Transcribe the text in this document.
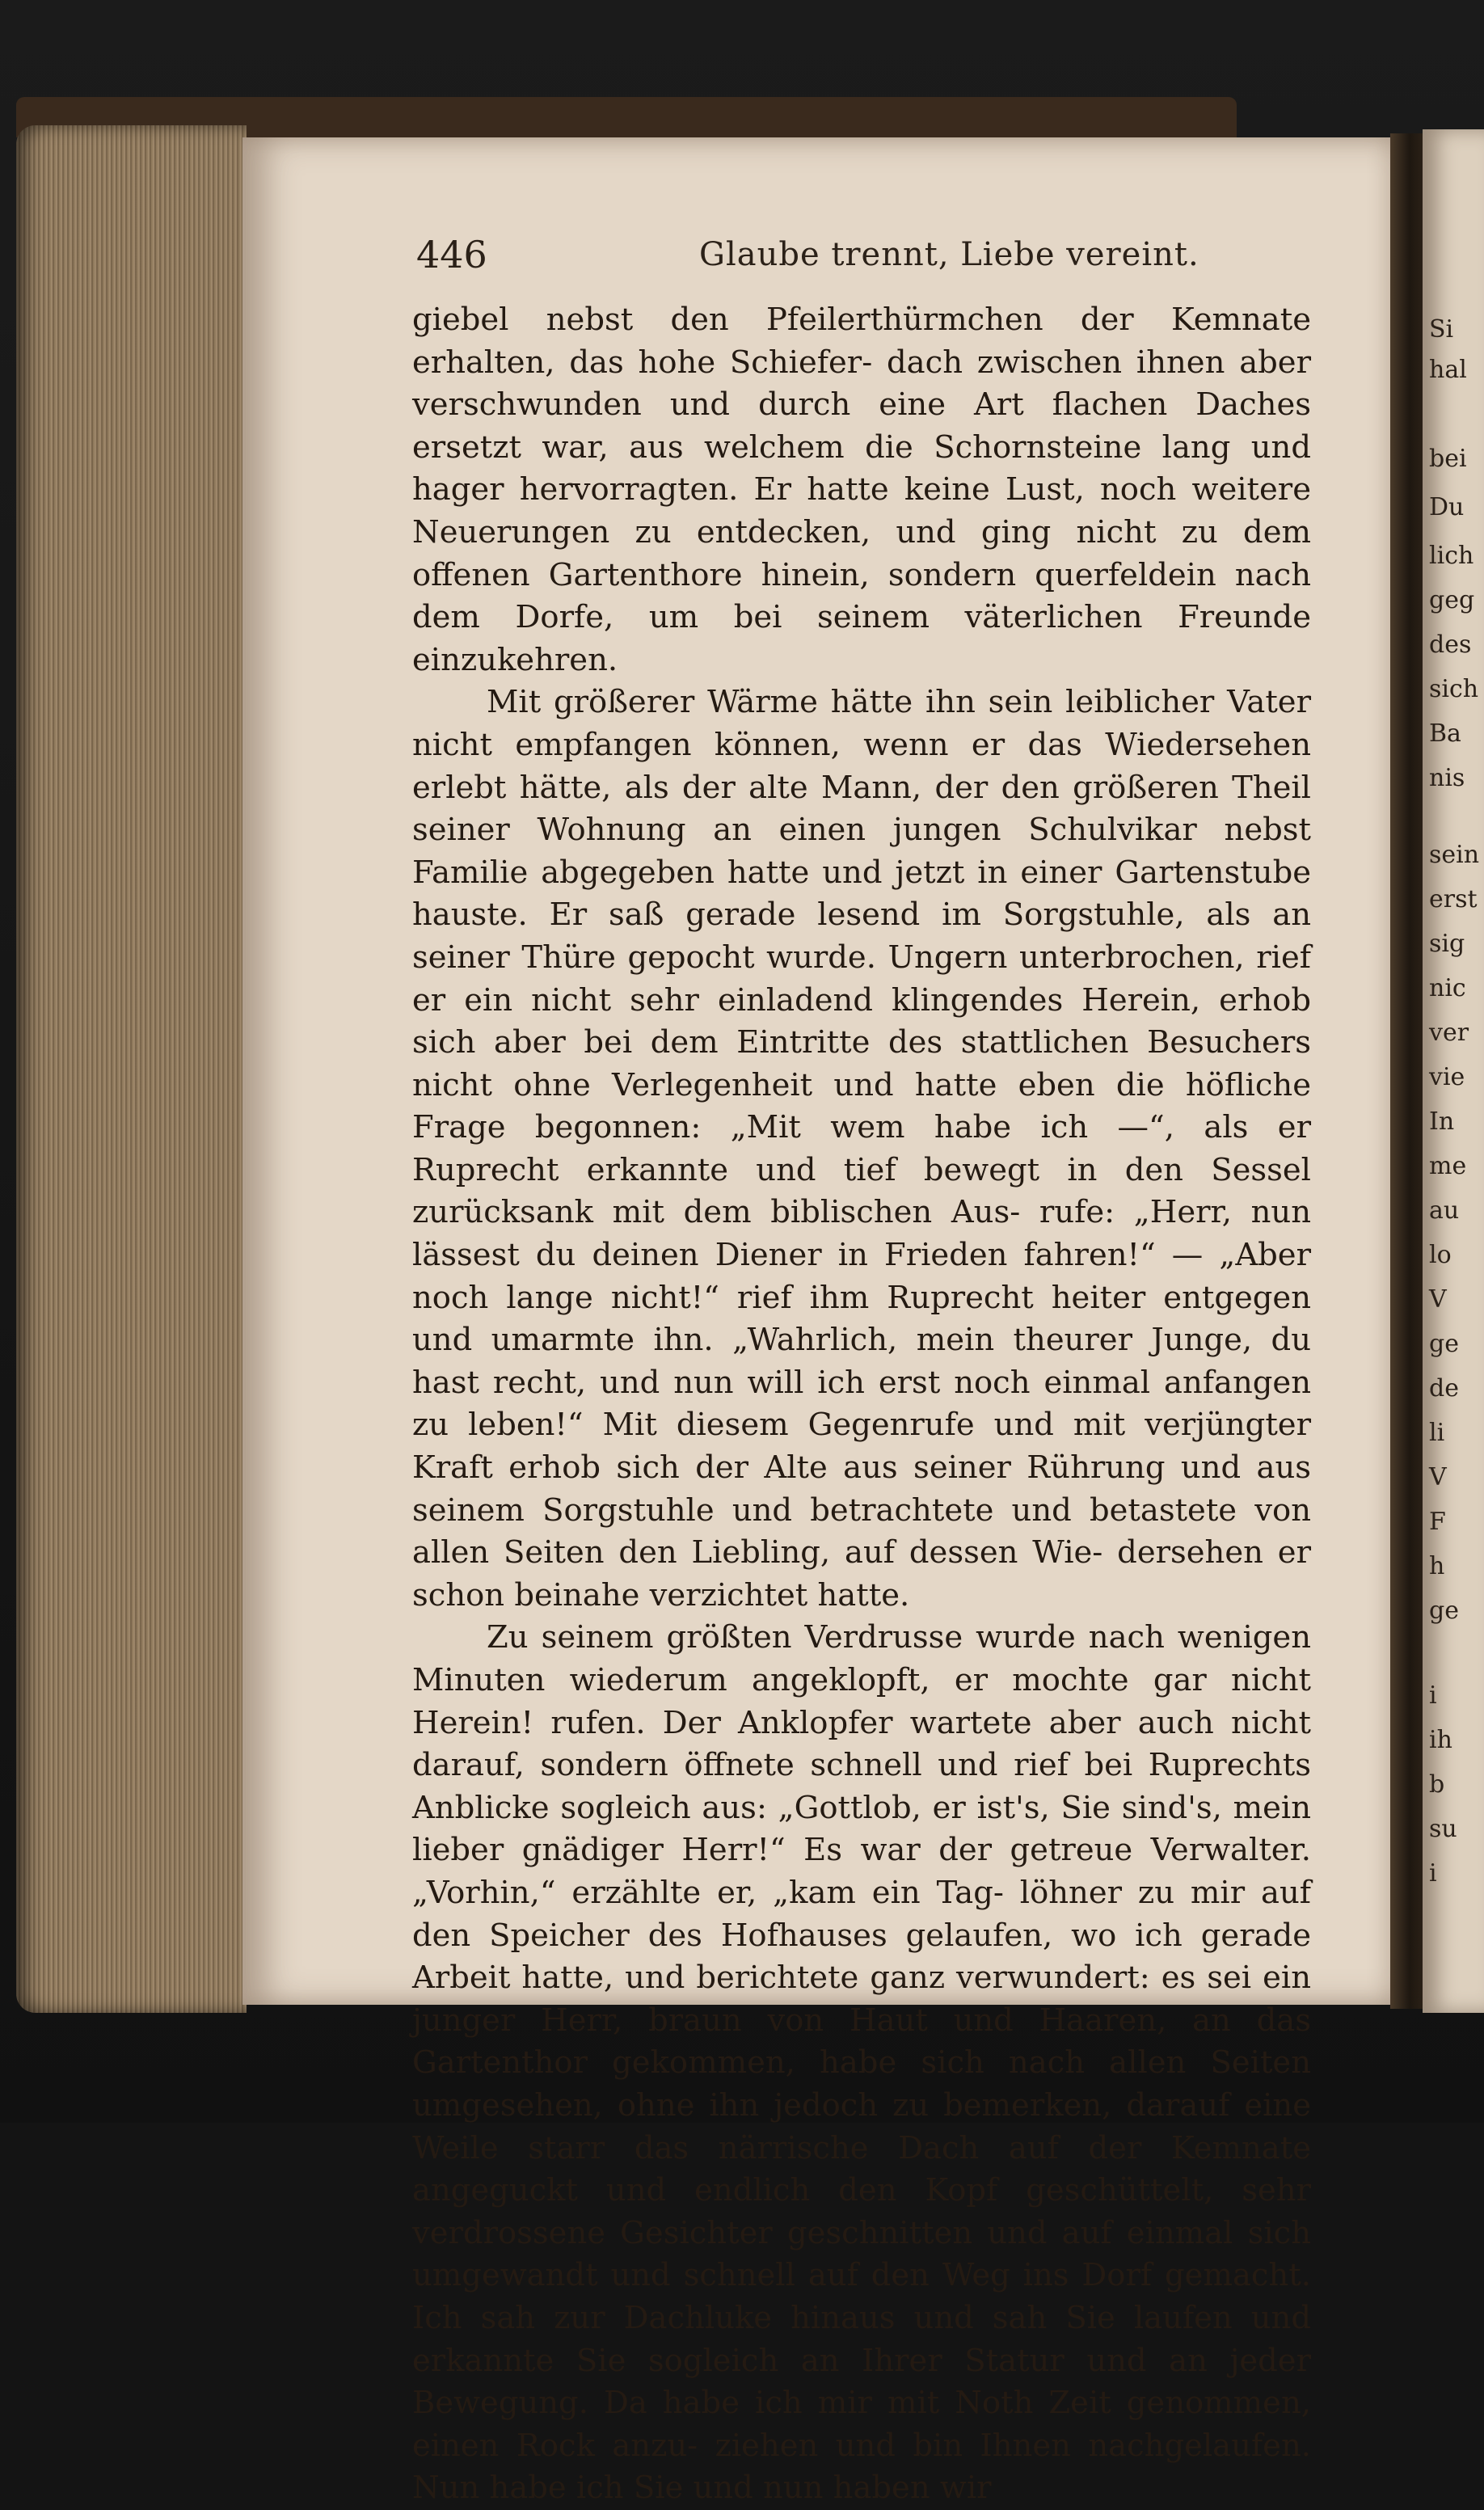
Si
hal
bei
Du
lich
geg
des
sich
Ba
nis
sein
erst
sig
nic
ver
vie
In
me
au
lo
V
ge
de
li
V
F
h
ge
i
ih
b
su
i
446	Glaube trennt, Liebe vereint.

giebel nebst den Pfeilerthürmchen der Kemnate erhalten, das hohe Schiefer- dach zwischen ihnen aber verschwunden und durch eine Art flachen Daches ersetzt war, aus welchem die Schornsteine lang und hager hervorragten. Er hatte keine Lust, noch weitere Neuerungen zu entdecken, und ging nicht zu dem offenen Gartenthore hinein, sondern querfeldein nach dem Dorfe, um bei seinem väterlichen Freunde einzukehren.

Mit größerer Wärme hätte ihn sein leiblicher Vater nicht empfangen können, wenn er das Wiedersehen erlebt hätte, als der alte Mann, der den größeren Theil seiner Wohnung an einen jungen Schulvikar nebst Familie abgegeben hatte und jetzt in einer Gartenstube hauste. Er saß gerade lesend im Sorgstuhle, als an seiner Thüre gepocht wurde. Ungern unterbrochen, rief er ein nicht sehr einladend klingendes Herein, erhob sich aber bei dem Eintritte des stattlichen Besuchers nicht ohne Verlegenheit und hatte eben die höfliche Frage begonnen: „Mit wem habe ich —“, als er Ruprecht erkannte und tief bewegt in den Sessel zurücksank mit dem biblischen Aus- rufe: „Herr, nun lässest du deinen Diener in Frieden fahren!“ — „Aber noch lange nicht!“ rief ihm Ruprecht heiter entgegen und umarmte ihn. „Wahrlich, mein theurer Junge, du hast recht, und nun will ich erst noch einmal anfangen zu leben!“ Mit diesem Gegenrufe und mit verjüngter Kraft erhob sich der Alte aus seiner Rührung und aus seinem Sorgstuhle und betrachtete und betastete von allen Seiten den Liebling, auf dessen Wie- dersehen er schon beinahe verzichtet hatte.

Zu seinem größten Verdrusse wurde nach wenigen Minuten wiederum angeklopft, er mochte gar nicht Herein! rufen. Der Anklopfer wartete aber auch nicht darauf, sondern öffnete schnell und rief bei Ruprechts Anblicke sogleich aus: „Gottlob, er ist's, Sie sind's, mein lieber gnädiger Herr!“ Es war der getreue Verwalter. „Vorhin,“ erzählte er, „kam ein Tag- löhner zu mir auf den Speicher des Hofhauses gelaufen, wo ich gerade Arbeit hatte, und berichtete ganz verwundert: es sei ein junger Herr, braun von Haut und Haaren, an das Gartenthor gekommen, habe sich nach allen Seiten umgesehen, ohne ihn jedoch zu bemerken, darauf eine Weile starr das närrische Dach auf der Kemnate angeguckt und endlich den Kopf geschüttelt, sehr verdrossene Gesichter geschnitten und auf einmal sich umgewandt und schnell auf den Weg ins Dorf gemacht. Ich sah zur Dachluke hinaus und sah Sie laufen und erkannte Sie sogleich an Ihrer Statur und an jeder Bewegung. Da habe ich mir mit Noth Zeit genommen, einen Rock anzu- ziehen und bin Ihnen nachgelaufen. Nun habe ich Sie und nun haben wir
